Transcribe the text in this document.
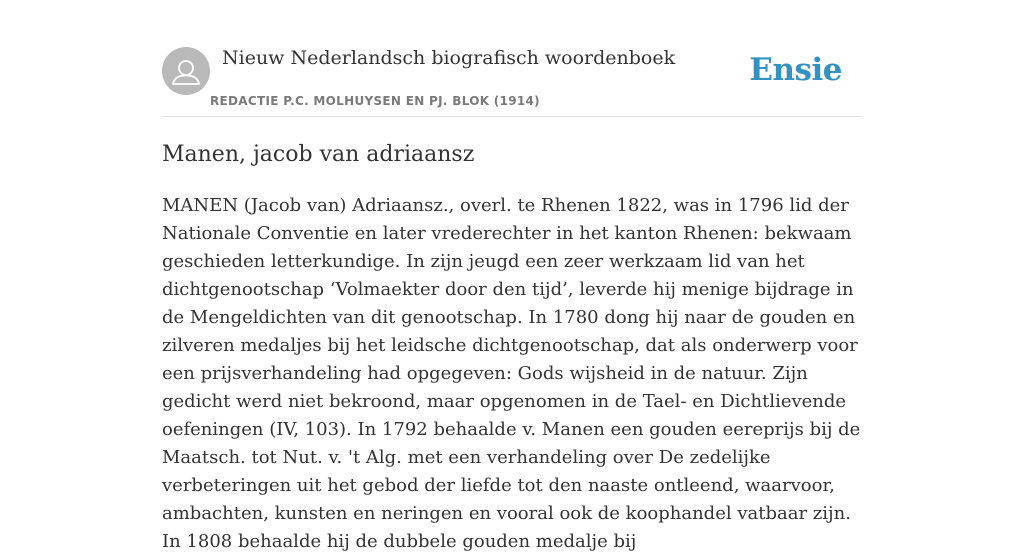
Nieuw Nederlandsch biografisch woordenboek
REDACTIE P.C. MOLHUYSEN EN PJ. BLOK (1914)
Ensie
Manen, jacob van adriaansz

MANEN (Jacob van) Adriaansz., overl. te Rhenen 1822, was in 1796 lid der Nationale Conventie en later vrederechter in het kanton Rhenen: bekwaam geschieden letterkundige. In zijn jeugd een zeer werkzaam lid van het dichtgenootschap ‘Volmaekter door den tijd’, leverde hij menige bijdrage in de Mengeldichten van dit genootschap. In 1780 dong hij naar de gouden en zilveren medaljes bij het leidsche dichtgenootschap, dat als onderwerp voor een prijsverhandeling had opgegeven: Gods wijsheid in de natuur. Zijn gedicht werd niet bekroond, maar opgenomen in de Tael- en Dichtlievende oefeningen (IV, 103). In 1792 behaalde v. Manen een gouden eereprijs bij de Maatsch. tot Nut. v. 't Alg. met een verhandeling over De zedelijke verbeteringen uit het gebod der liefde tot den naaste ontleend, waarvoor, ambachten, kunsten en neringen en vooral ook de koophandel vatbaar zijn. In 1808 behaalde hij de dubbele gouden medalje bij
